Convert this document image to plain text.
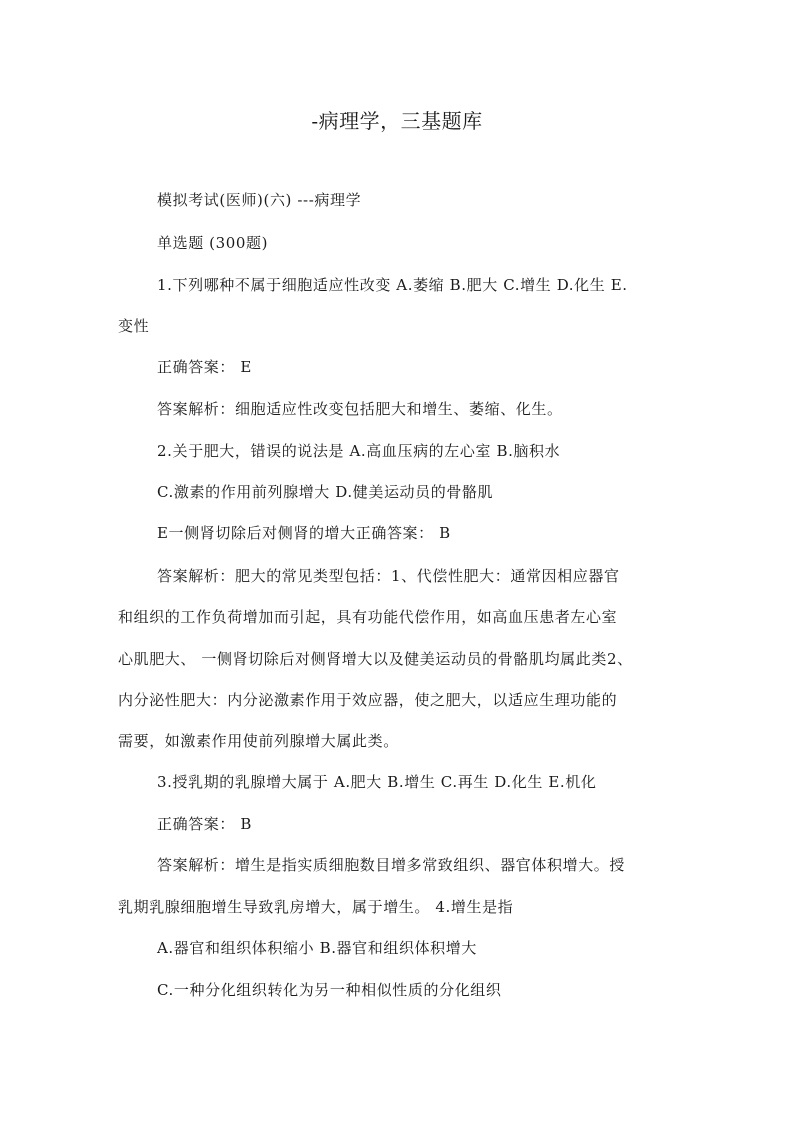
-病理学，三基题库
模拟考试(医师)(六) ---病理学
单选题 (300题)
1.下列哪种不属于细胞适应性改变 A.萎缩 B.肥大 C.增生 D.化生 E.
变性
正确答案： E
答案解析：细胞适应性改变包括肥大和增生、萎缩、化生。
2.关于肥大，错误的说法是 A.高血压病的左心室 B.脑积水
C.激素的作用前列腺增大 D.健美运动员的骨骼肌
E一侧肾切除后对侧肾的增大正确答案： B
答案解析：肥大的常见类型包括：1、代偿性肥大：通常因相应器官
和组织的工作负荷增加而引起，具有功能代偿作用，如高血压患者左心室
心肌肥大、 一侧肾切除后对侧肾增大以及健美运动员的骨骼肌均属此类2、
内分泌性肥大：内分泌激素作用于效应器，使之肥大，以适应生理功能的
需要，如激素作用使前列腺增大属此类。
3.授乳期的乳腺增大属于 A.肥大 B.增生 C.再生 D.化生 E.机化
正确答案： B
答案解析：增生是指实质细胞数目增多常致组织、器官体积增大。授
乳期乳腺细胞增生导致乳房增大，属于增生。 4.增生是指
A.器官和组织体积缩小 B.器官和组织体积增大
C.一种分化组织转化为另一种相似性质的分化组织
